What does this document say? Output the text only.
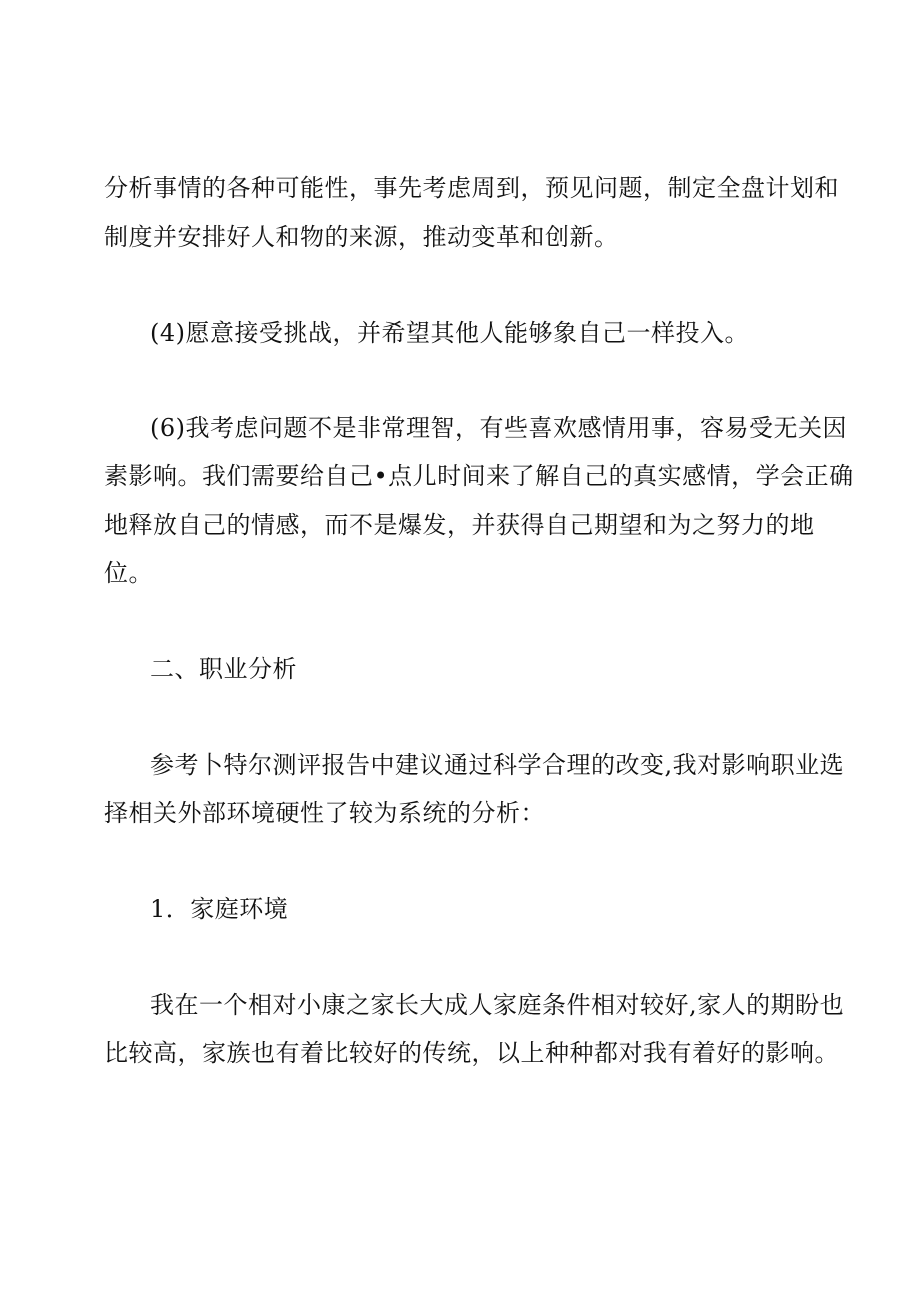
分析事情的各种可能性，事先考虑周到，预见问题，制定全盘计划和
制度并安排好人和物的来源，推动变革和创新。
(4)愿意接受挑战，并希望其他人能够象自己一样投入。
(6)我考虑问题不是非常理智，有些喜欢感情用事，容易受无关因
素影响。我们需要给自己•点儿时间来了解自己的真实感情，学会正确
地释放自己的情感，而不是爆发，并获得自己期望和为之努力的地
位。
二、职业分析
参考卜特尔测评报告中建议通过科学合理的改变,我对影响职业选
择相关外部环境硬性了较为系统的分析：
1．家庭环境
我在一个相对小康之家长大成人家庭条件相对较好,家人的期盼也
比较高，家族也有着比较好的传统，以上种种都对我有着好的影响。
